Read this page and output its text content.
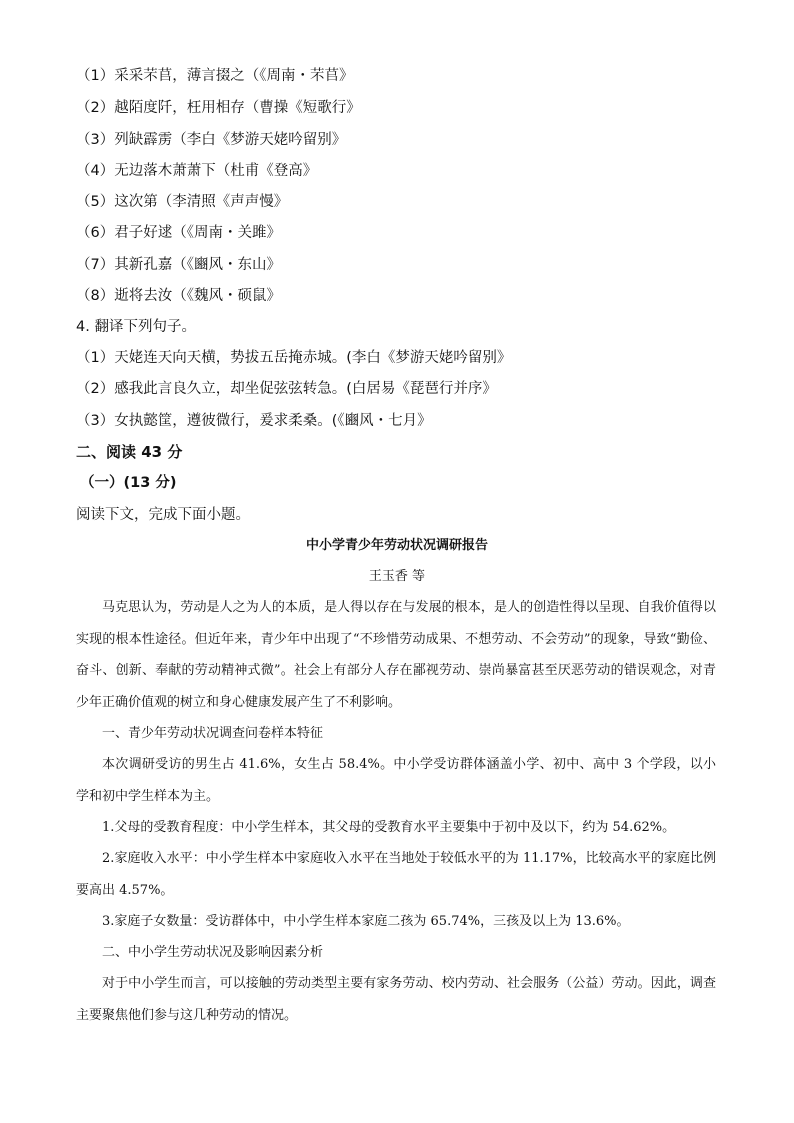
（1）采采芣苢，薄言掇之（《周南・芣苢》
（2）越陌度阡，枉用相存（曹操《短歌行》
（3）列缺霹雳（李白《梦游天姥吟留别》
（4）无边落木萧萧下（杜甫《登高》
（5）这次第（李清照《声声慢》
（6）君子好逑（《周南・关雎》
（7）其新孔嘉（《豳风・东山》
（8）逝将去汝（《魏风・硕鼠》
4. 翻译下列句子。
（1）天姥连天向天横，势拔五岳掩赤城。(李白《梦游天姥吟留别》
（2）感我此言良久立，却坐促弦弦转急。(白居易《琵琶行并序》
（3）女执懿筐，遵彼微行，爰求柔桑。(《豳风・七月》
二、阅读 43 分
（一）(13 分)
阅读下文，完成下面小题。
中小学青少年劳动状况调研报告
王玉香 等

马克思认为，劳动是人之为人的本质，是人得以存在与发展的根本，是人的创造性得以呈现、自我价值得以实现的根本性途径。但近年来，青少年中出现了“不珍惜劳动成果、不想劳动、不会劳动”的现象，导致“勤俭、奋斗、创新、奉献的劳动精神式微”。社会上有部分人存在鄙视劳动、崇尚暴富甚至厌恶劳动的错误观念，对青少年正确价值观的树立和身心健康发展产生了不利影响。

一、青少年劳动状况调查问卷样本特征

本次调研受访的男生占 41.6%，女生占 58.4%。中小学受访群体涵盖小学、初中、高中 3 个学段，以小学和初中学生样本为主。

1.父母的受教育程度：中小学生样本，其父母的受教育水平主要集中于初中及以下，约为 54.62%。

2.家庭收入水平：中小学生样本中家庭收入水平在当地处于较低水平的为 11.17%，比较高水平的家庭比例要高出 4.57%。

3.家庭子女数量：受访群体中，中小学生样本家庭二孩为 65.74%，三孩及以上为 13.6%。

二、中小学生劳动状况及影响因素分析

对于中小学生而言，可以接触的劳动类型主要有家务劳动、校内劳动、社会服务（公益）劳动。因此，调查主要聚焦他们参与这几种劳动的情况。
